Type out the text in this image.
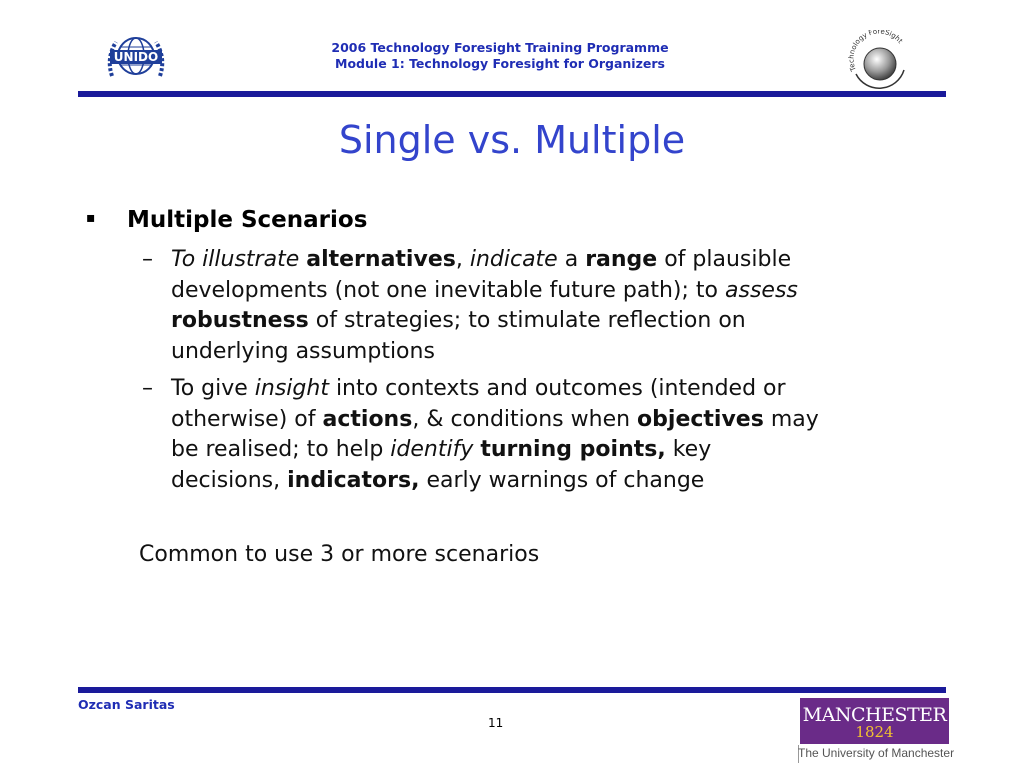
UNIDO
2006 Technology Foresight Training Programme
Module 1: Technology Foresight for Organizers	Technology ForeSight
Single vs. Multiple
▪ Multiple Scenarios
– To illustrate alternatives, indicate a range of plausible
developments (not one inevitable future path); to assess
robustness of strategies; to stimulate reflection on
underlying assumptions
– To give insight into contexts and outcomes (intended or
otherwise) of actions, & conditions when objectives may
be realised; to help identify turning points, key
decisions, indicators, early warnings of change
Common to use 3 or more scenarios
Ozcan Saritas
11	MANCHESTER
1824
The University of Manchester
